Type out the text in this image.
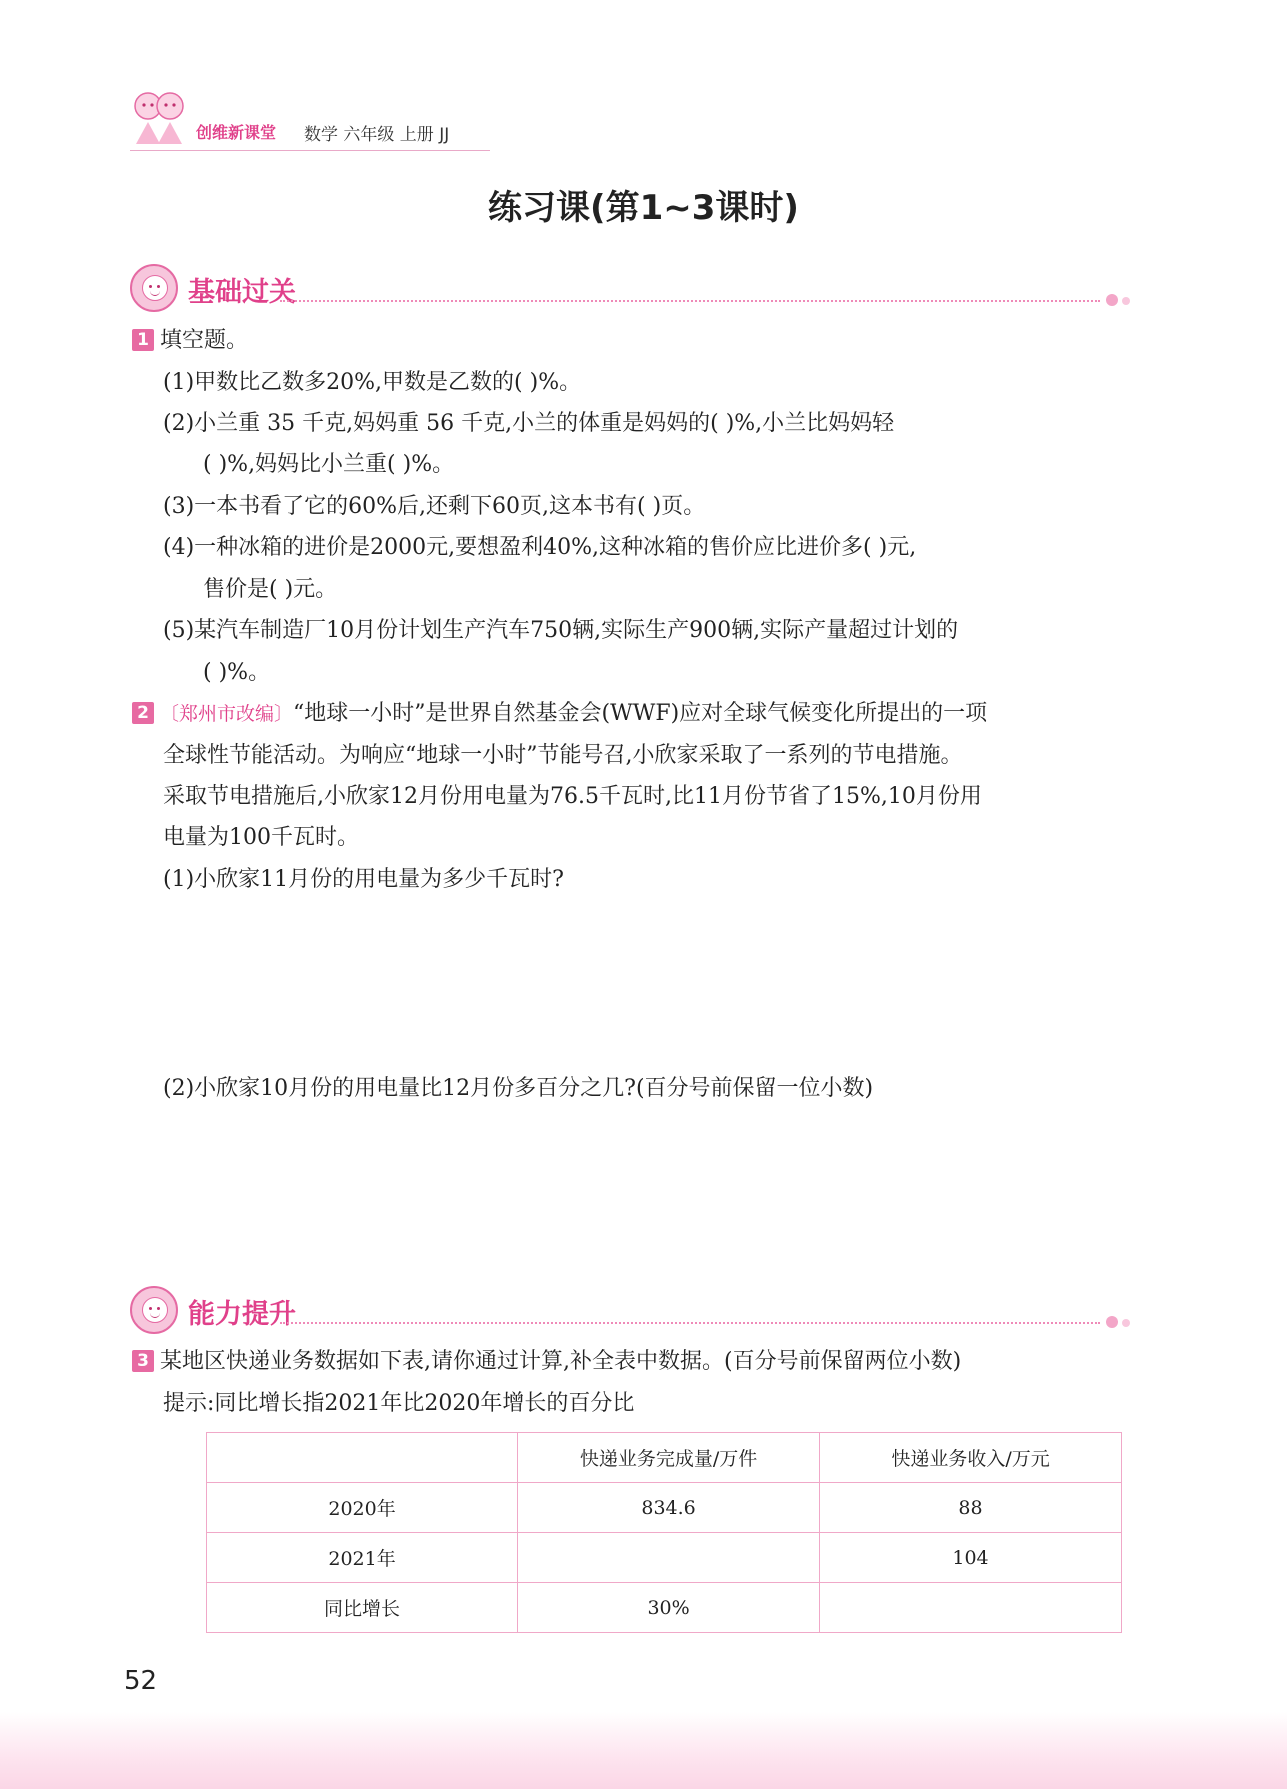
创维新课堂 数学 六年级 上册 JJ
练习课(第1~3课时)
基础过关
1 填空题。
(1)甲数比乙数多20%,甲数是乙数的( )%。
(2)小兰重 35 千克,妈妈重 56 千克,小兰的体重是妈妈的( )%,小兰比妈妈轻
( )%,妈妈比小兰重( )%。
(3)一本书看了它的60%后,还剩下60页,这本书有( )页。
(4)一种冰箱的进价是2000元,要想盈利40%,这种冰箱的售价应比进价多( )元,
售价是( )元。
(5)某汽车制造厂10月份计划生产汽车750辆,实际生产900辆,实际产量超过计划的
( )%。
2 〔郑州市改编〕“地球一小时”是世界自然基金会(WWF)应对全球气候变化所提出的一项
全球性节能活动。为响应“地球一小时”节能号召,小欣家采取了一系列的节电措施。
采取节电措施后,小欣家12月份用电量为76.5千瓦时,比11月份节省了15%,10月份用
电量为100千瓦时。
(1)小欣家11月份的用电量为多少千瓦时?
(2)小欣家10月份的用电量比12月份多百分之几?(百分号前保留一位小数)
能力提升
3 某地区快递业务数据如下表,请你通过计算,补全表中数据。(百分号前保留两位小数)
提示:同比增长指2021年比2020年增长的百分比
	快递业务完成量/万件	快递业务收入/万元
2020年	834.6	88
2021年		104
同比增长	30%	
52
